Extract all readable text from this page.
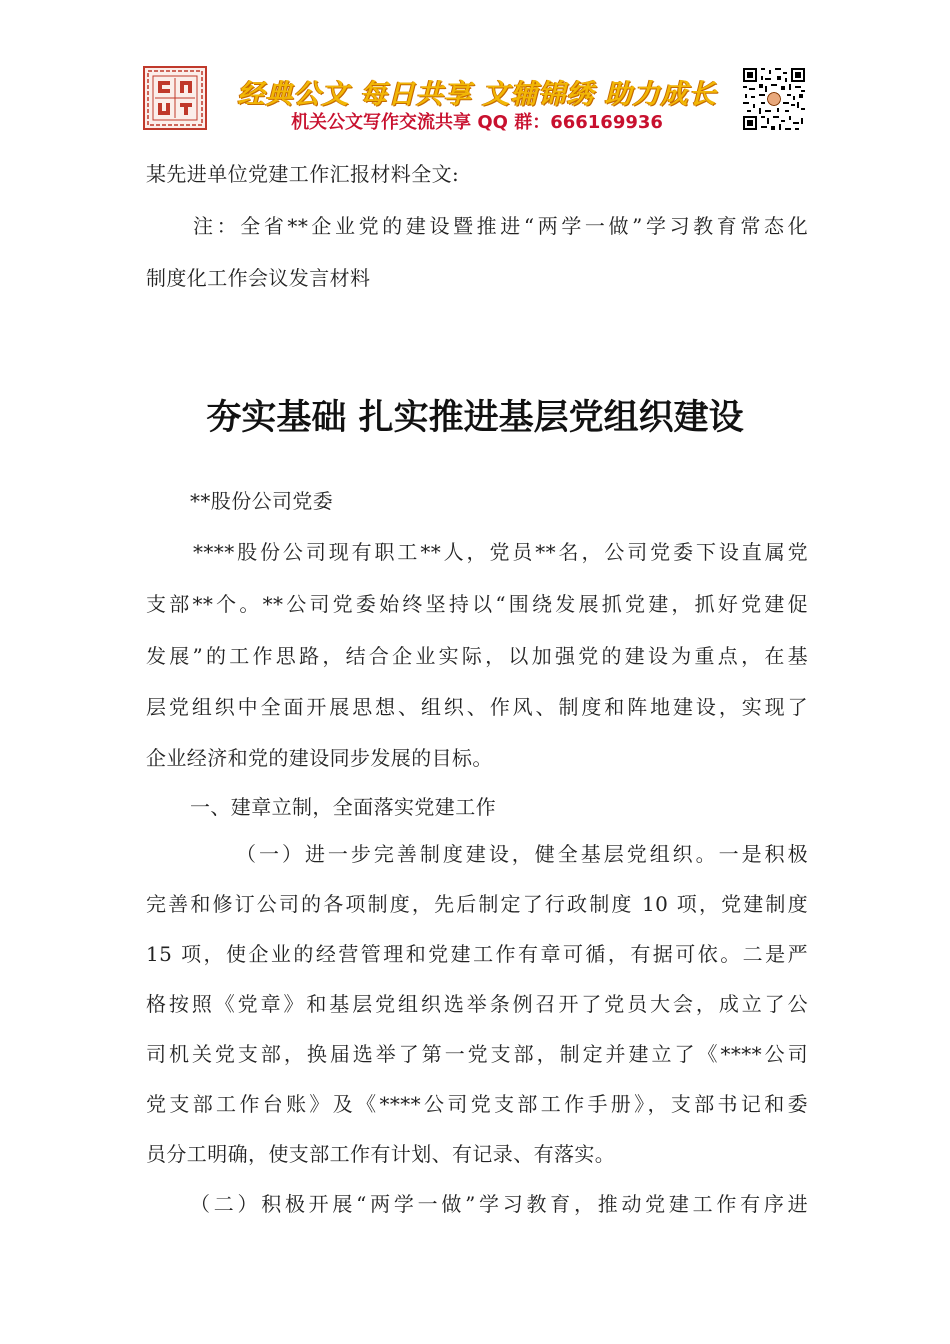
经典公文 每日共享 文辅锦绣 助力成长
机关公文写作交流共享 QQ 群：666169936
某先进单位党建工作汇报材料全文:
注：全省**企业党的建设暨推进“两学一做”学习教育常态化
制度化工作会议发言材料
夯实基础 扎实推进基层党组织建设
**股份公司党委
****股份公司现有职工**人，党员**名，公司党委下设直属党
支部**个。**公司党委始终坚持以“围绕发展抓党建，抓好党建促
发展”的工作思路，结合企业实际，以加强党的建设为重点，在基
层党组织中全面开展思想、组织、作风、制度和阵地建设，实现了
企业经济和党的建设同步发展的目标。
一、建章立制，全面落实党建工作
（一）进一步完善制度建设，健全基层党组织。一是积极
完善和修订公司的各项制度，先后制定了行政制度 10 项，党建制度
15 项，使企业的经营管理和党建工作有章可循，有据可依。二是严
格按照《党章》和基层党组织选举条例召开了党员大会，成立了公
司机关党支部，换届选举了第一党支部，制定并建立了《****公司
党支部工作台账》及《****公司党支部工作手册》，支部书记和委
员分工明确，使支部工作有计划、有记录、有落实。
（二）积极开展“两学一做”学习教育，推动党建工作有序进
